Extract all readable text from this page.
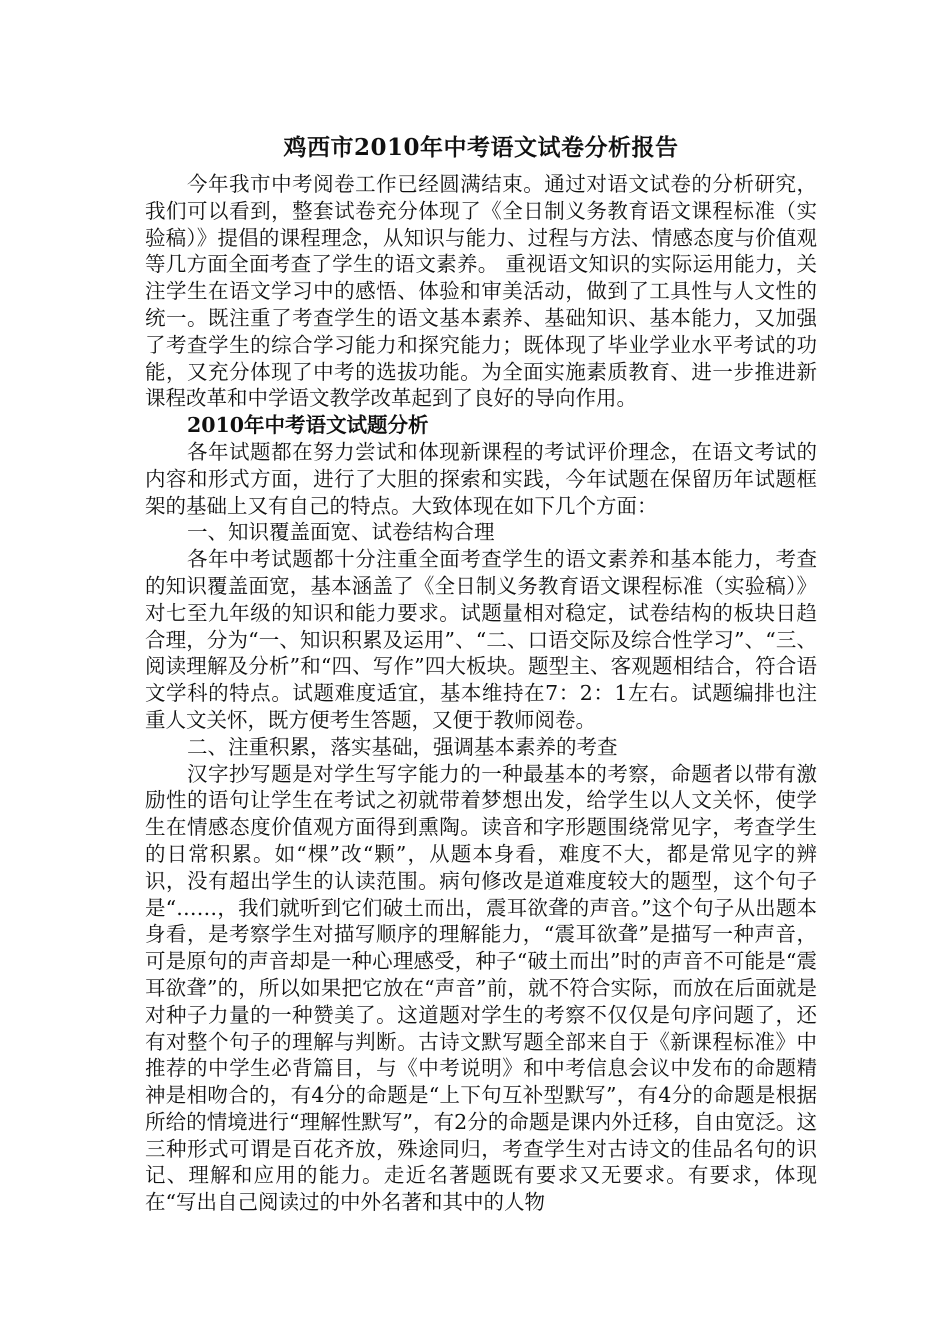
鸡西市2010年中考语文试卷分析报告

今年我市中考阅卷工作已经圆满结束。通过对语文试卷的分析研究，我们可以看到，整套试卷充分体现了《全日制义务教育语文课程标准（实验稿）》提倡的课程理念，从知识与能力、过程与方法、情感态度与价值观等几方面全面考查了学生的语文素养。 重视语文知识的实际运用能力，关注学生在语文学习中的感悟、体验和审美活动，做到了工具性与人文性的统一。既注重了考查学生的语文基本素养、基础知识、基本能力，又加强了考查学生的综合学习能力和探究能力；既体现了毕业学业水平考试的功能，又充分体现了中考的选拔功能。为全面实施素质教育、进一步推进新课程改革和中学语文教学改革起到了良好的导向作用。

2010年中考语文试题分析

各年试题都在努力尝试和体现新课程的考试评价理念，在语文考试的内容和形式方面，进行了大胆的探索和实践，今年试题在保留历年试题框架的基础上又有自己的特点。大致体现在如下几个方面：

一、知识覆盖面宽、试卷结构合理

各年中考试题都十分注重全面考查学生的语文素养和基本能力，考查的知识覆盖面宽，基本涵盖了《全日制义务教育语文课程标准（实验稿）》对七至九年级的知识和能力要求。试题量相对稳定，试卷结构的板块日趋合理，分为“一、知识积累及运用”、“二、口语交际及综合性学习”、“三、阅读理解及分析”和“四、写作”四大板块。题型主、客观题相结合，符合语文学科的特点。试题难度适宜，基本维持在7：2：1左右。试题编排也注重人文关怀，既方便考生答题，又便于教师阅卷。

二、注重积累，落实基础，强调基本素养的考查

汉字抄写题是对学生写字能力的一种最基本的考察，命题者以带有激励性的语句让学生在考试之初就带着梦想出发，给学生以人文关怀，使学生在情感态度价值观方面得到熏陶。读音和字形题围绕常见字，考查学生的日常积累。如“棵”改“颗”，从题本身看，难度不大，都是常见字的辨识，没有超出学生的认读范围。病句修改是道难度较大的题型，这个句子是“……，我们就听到它们破土而出，震耳欲聋的声音。”这个句子从出题本身看，是考察学生对描写顺序的理解能力，“震耳欲聋”是描写一种声音，可是原句的声音却是一种心理感受，种子“破土而出”时的声音不可能是“震耳欲聋”的，所以如果把它放在“声音”前，就不符合实际，而放在后面就是对种子力量的一种赞美了。这道题对学生的考察不仅仅是句序问题了，还有对整个句子的理解与判断。古诗文默写题全部来自于《新课程标准》中推荐的中学生必背篇目，与《中考说明》和中考信息会议中发布的命题精神是相吻合的，有4分的命题是“上下句互补型默写”，有4分的命题是根据所给的情境进行“理解性默写”，有2分的命题是课内外迁移，自由宽泛。这三种形式可谓是百花齐放，殊途同归，考查学生对古诗文的佳品名句的识记、理解和应用的能力。走近名著题既有要求又无要求。有要求，体现在“写出自己阅读过的中外名著和其中的人物
